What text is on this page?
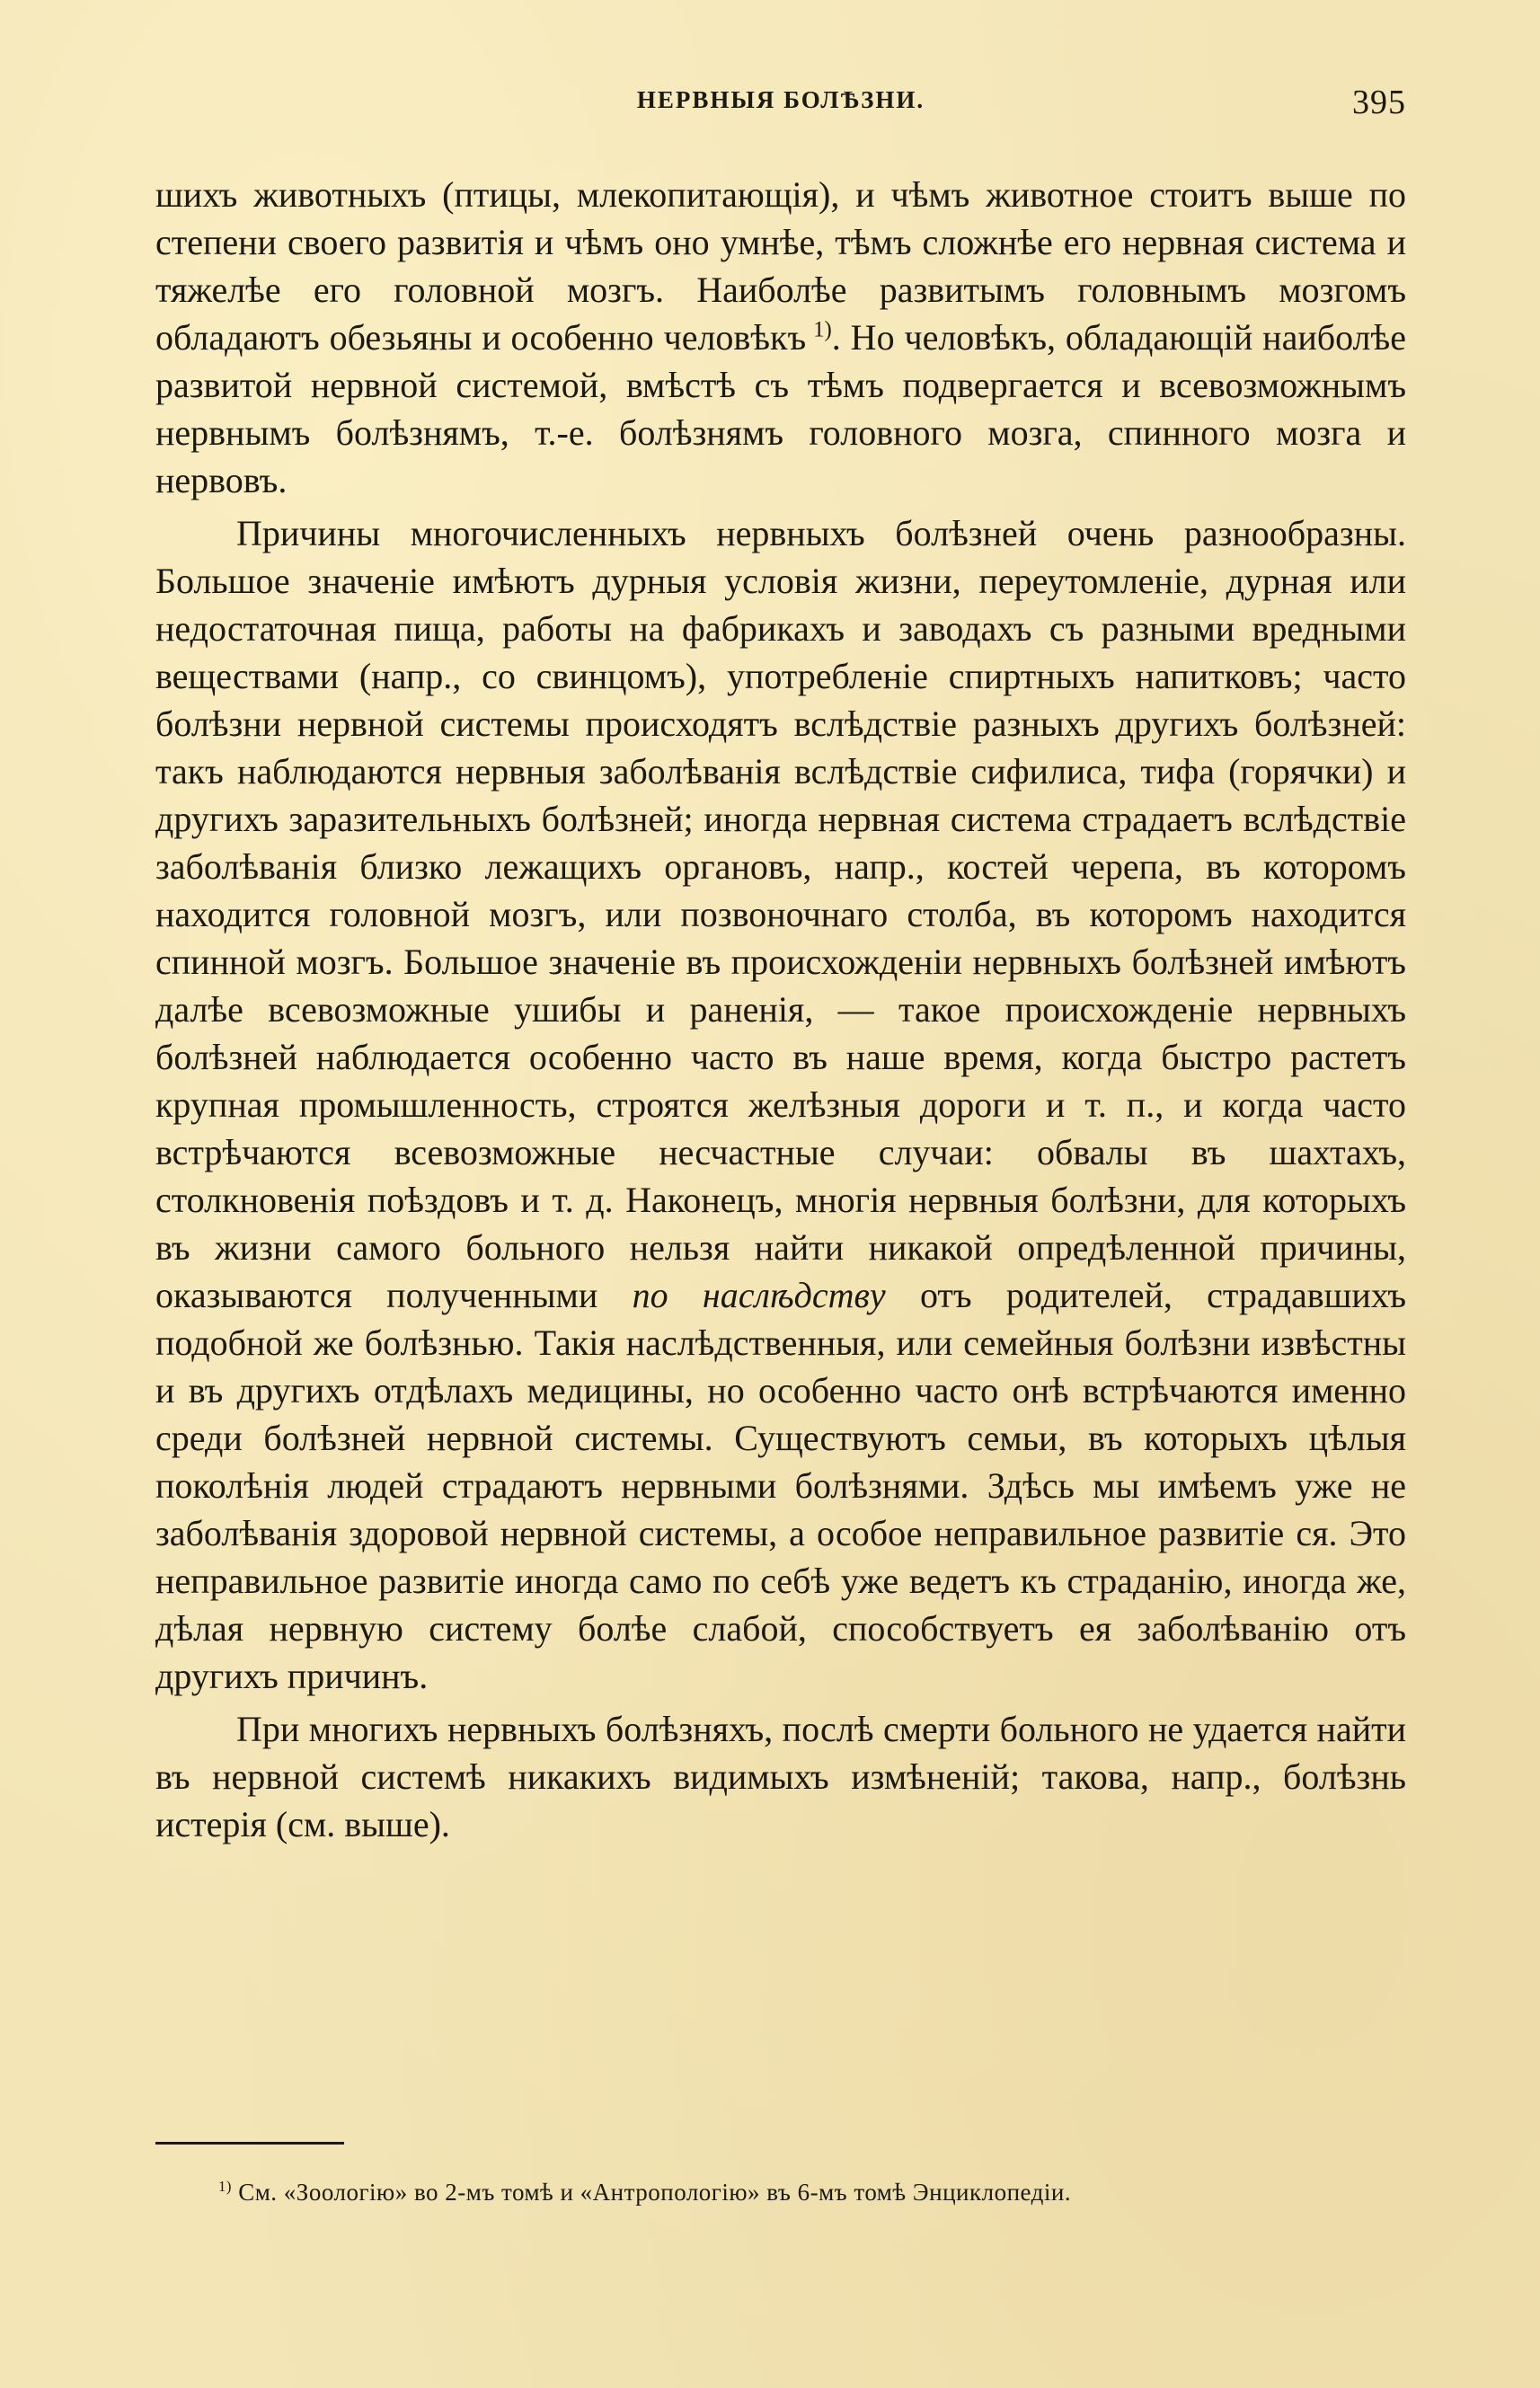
НЕРВНЫЯ БОЛѢЗНИ.	395

шихъ животныхъ (птицы, млекопитающія), и чѣмъ животное стоитъ выше по степени своего развитія и чѣмъ оно умнѣе, тѣмъ сложнѣе его нервная система и тяжелѣе его головной мозгъ. Наиболѣе развитымъ головнымъ мозгомъ обладаютъ обезьяны и особенно человѣкъ  $^{1)}$. Но человѣкъ, обладающій наиболѣе развитой нервной системой, вмѣстѣ съ тѣмъ подвергается и всевозможнымъ нервнымъ болѣзнямъ, т.-е. болѣзнямъ головного мозга, спинного мозга и нервовъ.

Причины многочисленныхъ нервныхъ болѣзней очень разнообразны. Большое значеніе имѣютъ дурныя условія жизни, переутомленіе, дурная или недостаточная пища, работы на фабрикахъ и заводахъ съ разными вредными веществами (напр., со свинцомъ), употребленіе спиртныхъ напитковъ; часто болѣзни нервной системы происходятъ вслѣдствіе разныхъ другихъ болѣзней: такъ наблюдаются нервныя заболѣванія вслѣдствіе сифилиса, тифа (горячки) и другихъ заразительныхъ болѣзней; иногда нервная система страдаетъ вслѣдствіе заболѣванія близко лежащихъ органовъ, напр., костей черепа, въ которомъ находится головной мозгъ, или позвоночнаго столба, въ которомъ находится спинной мозгъ. Большое значеніе въ происхожденіи нервныхъ болѣзней имѣютъ далѣе всевозможные ушибы и раненія, — такое происхожденіе нервныхъ болѣзней наблюдается особенно часто въ наше время, когда быстро растетъ крупная промышленность, строятся желѣзныя дороги и т. п., и когда часто встрѣчаются всевозможные несчастные случаи: обвалы въ шахтахъ, столкновенія поѣздовъ и т. д. Наконецъ, многія нервныя болѣзни, для которыхъ въ жизни самого больного нельзя найти никакой опредѣленной причины, оказываются полученными по наслѣдству отъ родителей, страдавшихъ подобной же болѣзнью. Такія наслѣдственныя, или семейныя болѣзни извѣстны и въ другихъ отдѣлахъ медицины, но особенно часто онѣ встрѣчаются именно среди болѣзней нервной системы. Существуютъ семьи, въ которыхъ цѣлыя поколѣнія людей страдаютъ нервными болѣзнями. Здѣсь мы имѣемъ уже не заболѣванія здоровой нервной системы, а особое неправильное развитіе ся. Это неправильное развитіе иногда само по себѣ уже ведетъ къ страданію, иногда же, дѣлая нервную систему болѣе слабой, способствуетъ ея заболѣванію отъ другихъ причинъ.

При многихъ нервныхъ болѣзняхъ, послѣ смерти больного не удается найти въ нервной системѣ никакихъ видимыхъ измѣненій; такова, напр., болѣзнь истерія (см. выше).

$^{1)}$ См. «Зоологію» во 2-мъ томѣ и «Антропологію» въ 6-мъ томѣ Энциклопедіи.
